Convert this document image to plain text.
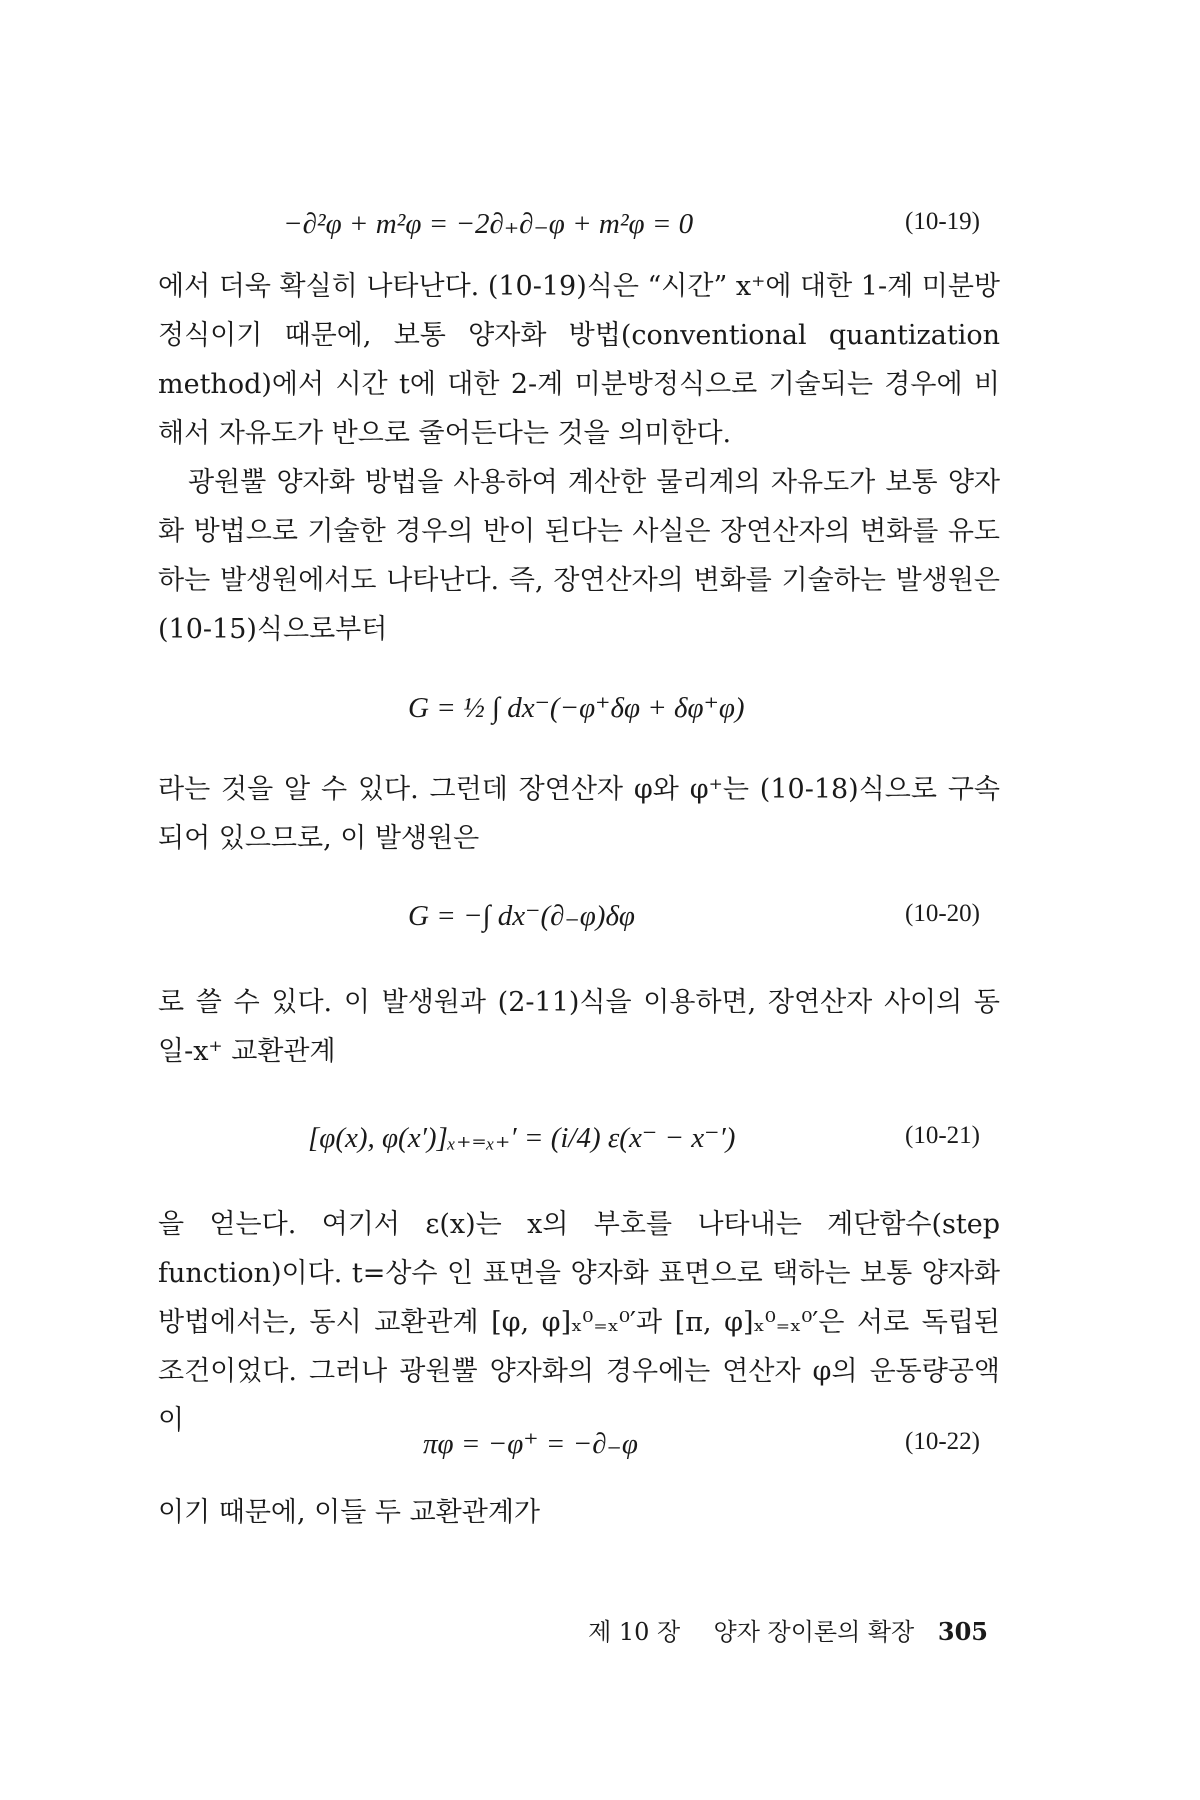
−∂²φ + m²φ = −2∂₊∂₋φ + m²φ = 0	(10-19)

에서 더욱 확실히 나타난다. (10-19)식은 “시간” x⁺에 대한 1-계 미분방정식이기 때문에, 보통 양자화 방법(conventional quantization method)에서 시간 t에 대한 2-계 미분방정식으로 기술되는 경우에 비해서 자유도가 반으로 줄어든다는 것을 의미한다.

광원뿔 양자화 방법을 사용하여 계산한 물리계의 자유도가 보통 양자화 방법으로 기술한 경우의 반이 된다는 사실은 장연산자의 변화를 유도하는 발생원에서도 나타난다. 즉, 장연산자의 변화를 기술하는 발생원은 (10-15)식으로부터

G = ½ ∫ dx⁻(−φ⁺δφ + δφ⁺φ)

라는 것을 알 수 있다. 그런데 장연산자 φ와 φ⁺는 (10-18)식으로 구속되어 있으므로, 이 발생원은

G = −∫ dx⁻(∂₋φ)δφ	(10-20)

로 쓸 수 있다. 이 발생원과 (2-11)식을 이용하면, 장연산자 사이의 동일-x⁺ 교환관계

[φ(x), φ(x′)]ₓ₊₌ₓ₊′ = (i/4) ε(x⁻ − x⁻′)	(10-21)

을 얻는다. 여기서 ε(x)는 x의 부호를 나타내는 계단함수(step function)이다. t=상수 인 표면을 양자화 표면으로 택하는 보통 양자화 방법에서는, 동시 교환관계 [φ, φ]ₓ⁰₌ₓ⁰′과 [π, φ]ₓ⁰₌ₓ⁰′은 서로 독립된 조건이었다. 그러나 광원뿔 양자화의 경우에는 연산자 φ의 운동량공액이

πφ = −φ⁺ = −∂₋φ	(10-22)

이기 때문에, 이들 두 교환관계가

제 10 장 양자 장이론의 확장 305
